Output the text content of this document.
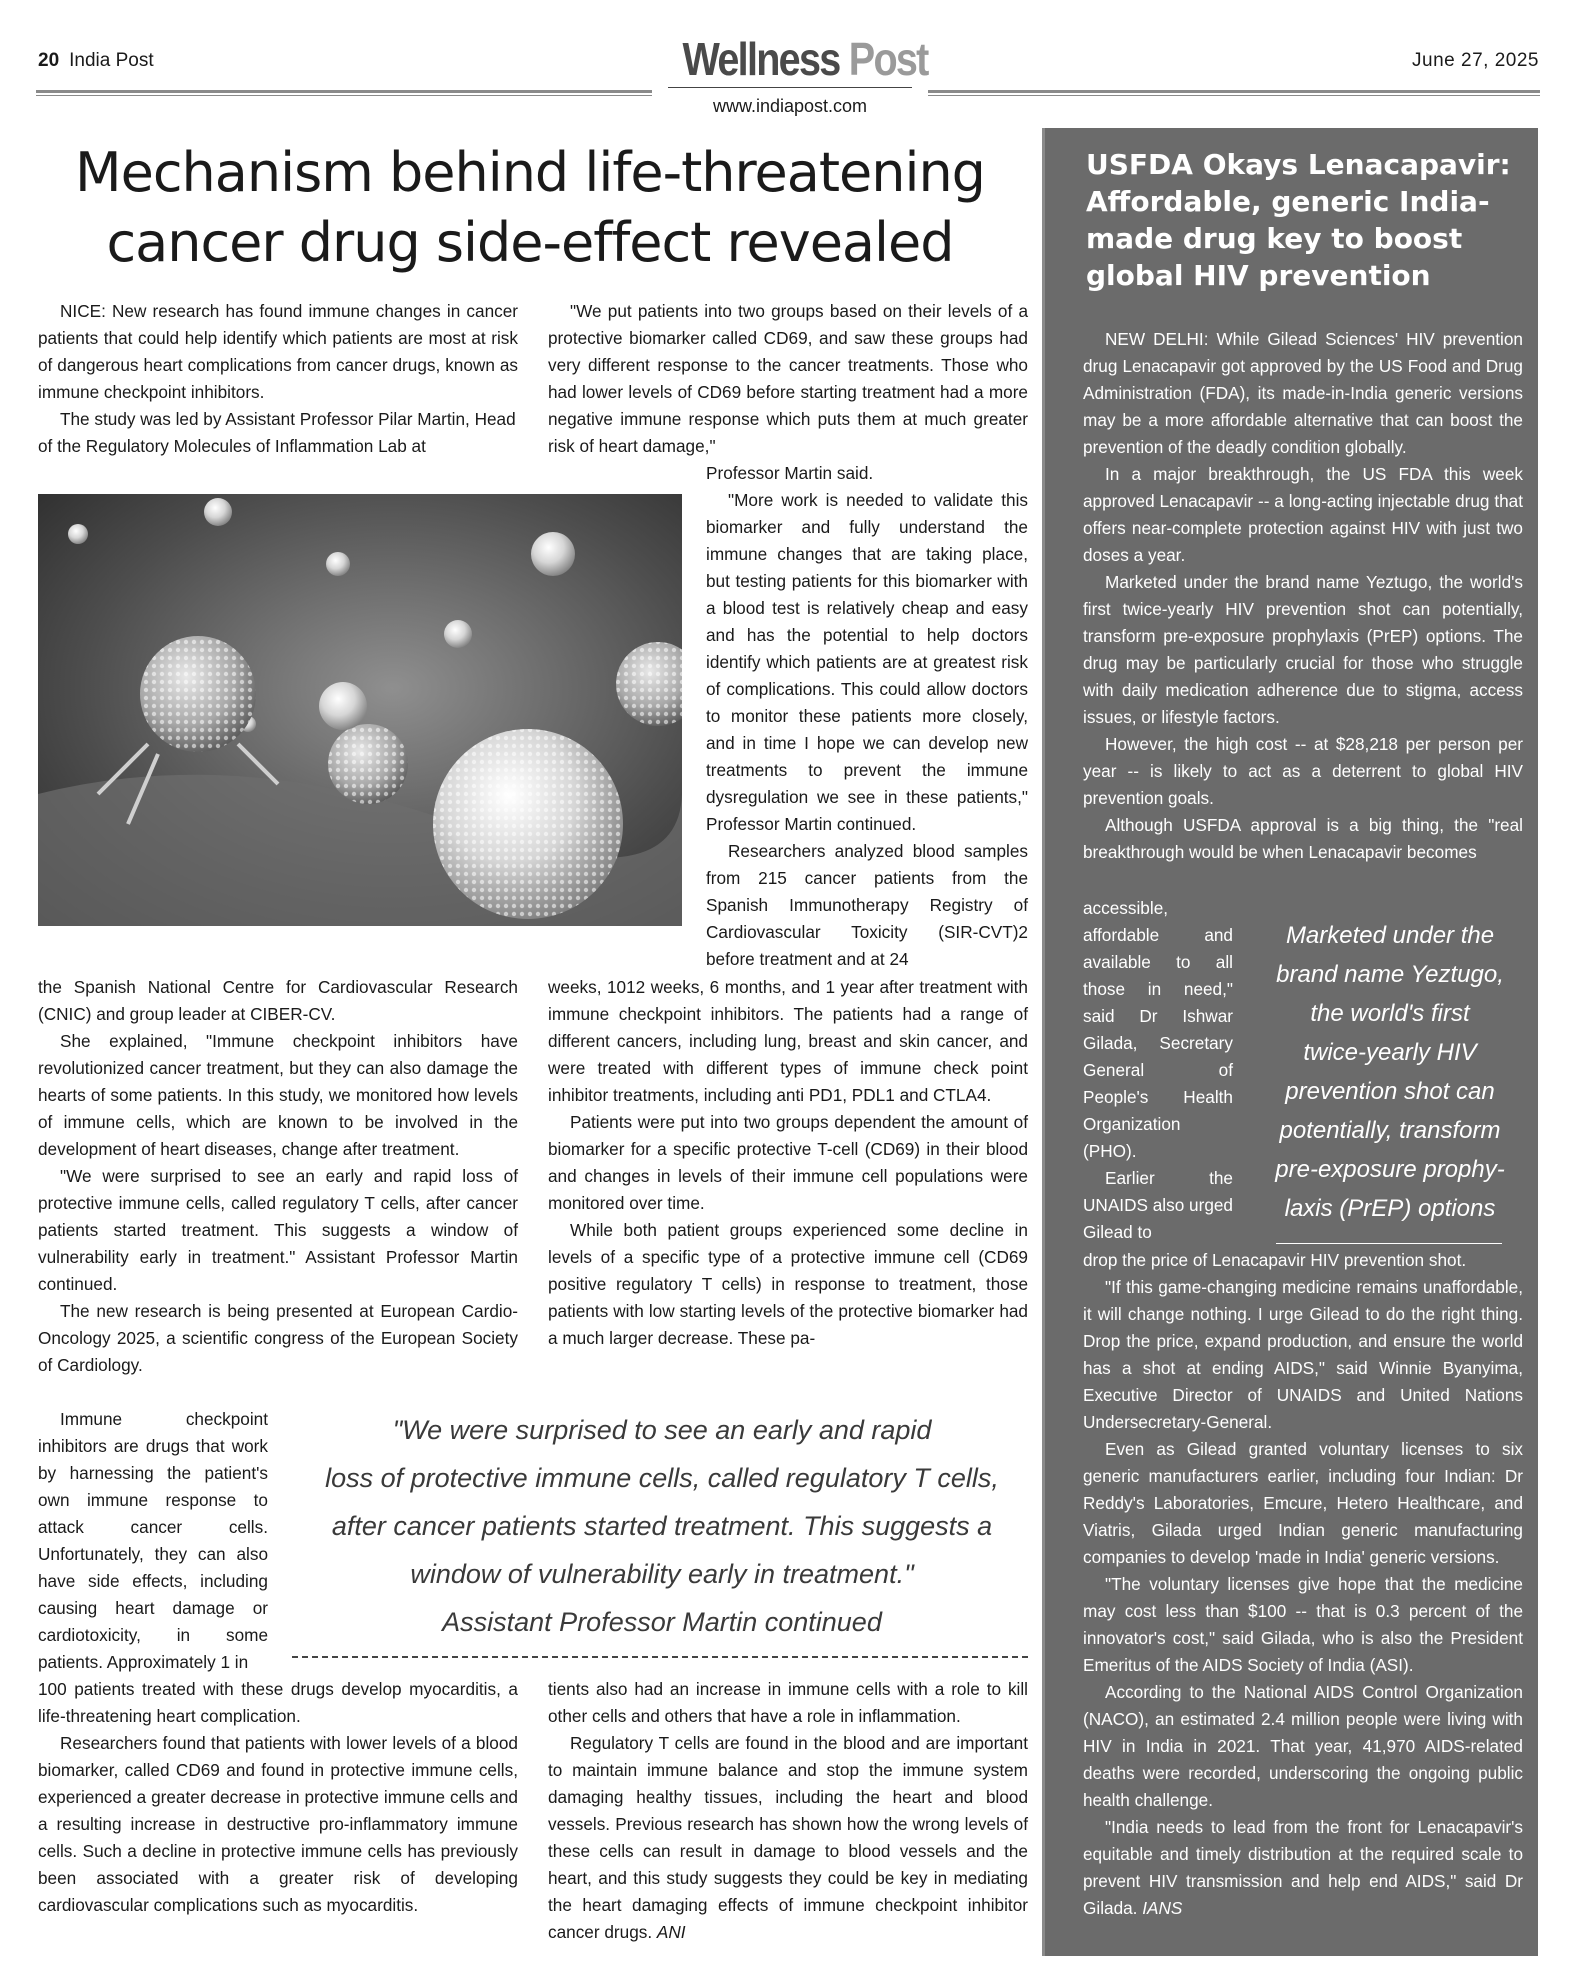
20 India Post	Wellness Post
www.indiapost.com
June 27, 2025
Mechanism behind life-threatening
cancer drug side-effect revealed

NICE: New research has found immune changes in cancer patients that could help identify which patients are most at risk of dangerous heart complications from cancer drugs, known as immune checkpoint inhibitors.

The study was led by Assistant Professor Pilar Martin, Head of the Regulatory Molecules of Inflammation Lab at

"We put patients into two groups based on their levels of a protective biomarker called CD69, and saw these groups had very different response to the cancer treatments. Those who had lower levels of CD69 before starting treatment had a more negative immune response which puts them at much greater risk of heart damage,"

Professor Martin said.

"More work is needed to validate this biomarker and fully understand the immune changes that are taking place, but testing patients for this biomarker with a blood test is relatively cheap and easy and has the potential to help doctors identify which patients are at greatest risk of complications. This could allow doctors to monitor these patients more closely, and in time I hope we can develop new treatments to prevent the immune dysregulation we see in these patients," Professor Martin continued.

Researchers analyzed blood samples from 215 cancer patients from the Spanish Immunotherapy Registry of Cardiovascular Toxicity (SIR-CVT)2 before treatment and at 24

the Spanish National Centre for Cardiovascular Research (CNIC) and group leader at CIBER-CV.

She explained, "Immune checkpoint inhibitors have revolutionized cancer treatment, but they can also damage the hearts of some patients. In this study, we monitored how levels of immune cells, which are known to be involved in the development of heart diseases, change after treatment.

"We were surprised to see an early and rapid loss of protective immune cells, called regulatory T cells, after cancer patients started treatment. This suggests a window of vulnerability early in treatment." Assistant Professor Martin continued.

The new research is being presented at European Cardio-Oncology 2025, a scientific congress of the European Society of Cardiology.

weeks, 1012 weeks, 6 months, and 1 year after treatment with immune checkpoint inhibitors. The patients had a range of different cancers, including lung, breast and skin cancer, and were treated with different types of immune check point inhibitor treatments, including anti PD1, PDL1 and CTLA4.

Patients were put into two groups dependent the amount of biomarker for a specific protective T-cell (CD69) in their blood and changes in levels of their immune cell populations were monitored over time.

While both patient groups experienced some decline in levels of a specific type of a protective immune cell (CD69 positive regulatory T cells) in response to treatment, those patients with low starting levels of the protective biomarker had a much larger decrease. These pa-

Immune checkpoint inhibitors are drugs that work by harnessing the patient's own immune response to attack cancer cells. Unfortunately, they can also have side effects, including causing heart damage or cardiotoxicity, in some patients. Approximately 1 in

"We were surprised to see an early and rapid
loss of protective immune cells, called regulatory T cells,
after cancer patients started treatment. This suggests a
window of vulnerability early in treatment."
Assistant Professor Martin continued

100 patients treated with these drugs develop myocarditis, a life-threatening heart complication.

Researchers found that patients with lower levels of a blood biomarker, called CD69 and found in protective immune cells, experienced a greater decrease in protective immune cells and a resulting increase in destructive pro-inflammatory immune cells. Such a decline in protective immune cells has previously been associated with a greater risk of developing cardiovascular complications such as myocarditis.

tients also had an increase in immune cells with a role to kill other cells and others that have a role in inflammation.

Regulatory T cells are found in the blood and are important to maintain immune balance and stop the immune system damaging healthy tissues, including the heart and blood vessels. Previous research has shown how the wrong levels of these cells can result in damage to blood vessels and the heart, and this study suggests they could be key in mediating the heart damaging effects of immune checkpoint inhibitor cancer drugs. ANI

USFDA Okays Lenacapavir: Affordable, generic India-made drug key to boost global HIV prevention

NEW DELHI: While Gilead Sciences' HIV prevention drug Lenacapavir got approved by the US Food and Drug Administration (FDA), its made-in-India generic versions may be a more affordable alternative that can boost the prevention of the deadly condition globally.

In a major breakthrough, the US FDA this week approved Lenacapavir -- a long-acting injectable drug that offers near-complete protection against HIV with just two doses a year.

Marketed under the brand name Yeztugo, the world's first twice-yearly HIV prevention shot can potentially, transform pre-exposure prophylaxis (PrEP) options. The drug may be particularly crucial for those who struggle with daily medication adherence due to stigma, access issues, or lifestyle factors.

However, the high cost -- at $28,218 per person per year -- is likely to act as a deterrent to global HIV prevention goals.

Although USFDA approval is a big thing, the "real breakthrough would be when Lenacapavir becomes

accessible, affordable and available to all those in need," said Dr Ishwar Gilada, Secretary General of People's Health Organization (PHO).

Earlier the UNAIDS also urged Gilead to

Marketed under the
brand name Yeztugo,
the world's first
twice-yearly HIV
prevention shot can
potentially, transform
pre-exposure prophy-
laxis (PrEP) options

drop the price of Lenacapavir HIV prevention shot.

"If this game-changing medicine remains unaffordable, it will change nothing. I urge Gilead to do the right thing. Drop the price, expand production, and ensure the world has a shot at ending AIDS," said Winnie Byanyima, Executive Director of UNAIDS and United Nations Undersecretary-General.

Even as Gilead granted voluntary licenses to six generic manufacturers earlier, including four Indian: Dr Reddy's Laboratories, Emcure, Hetero Healthcare, and Viatris, Gilada urged Indian generic manufacturing companies to develop 'made in India' generic versions.

"The voluntary licenses give hope that the medicine may cost less than $100 -- that is 0.3 percent of the innovator's cost," said Gilada, who is also the President Emeritus of the AIDS Society of India (ASI).

According to the National AIDS Control Organization (NACO), an estimated 2.4 million people were living with HIV in India in 2021. That year, 41,970 AIDS-related deaths were recorded, underscoring the ongoing public health challenge.

"India needs to lead from the front for Lenacapavir's equitable and timely distribution at the required scale to prevent HIV transmission and help end AIDS," said Dr Gilada. IANS
